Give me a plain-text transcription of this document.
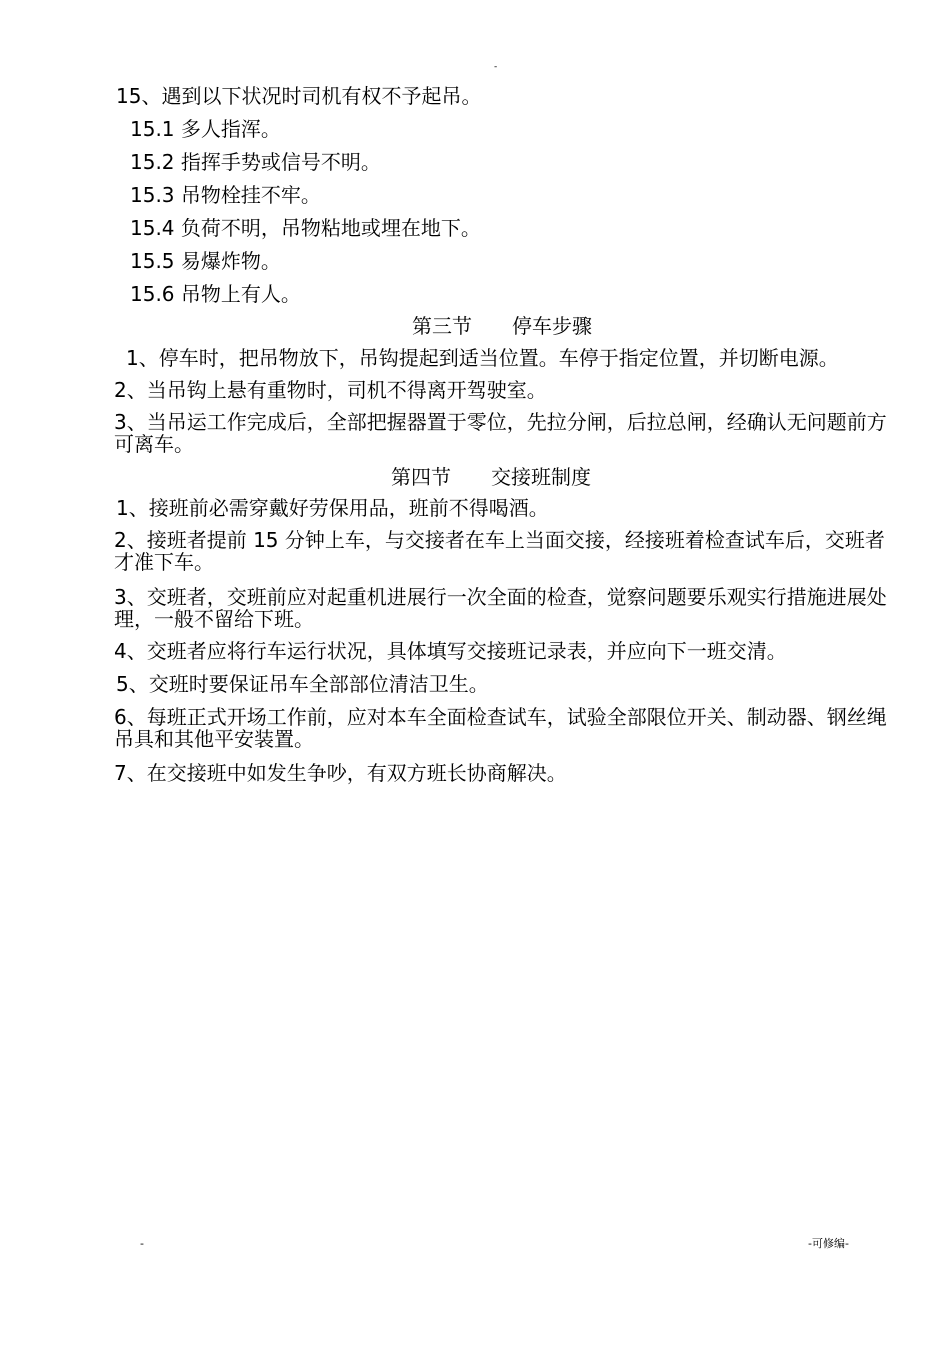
-
15、遇到以下状况时司机有权不予起吊。
15.1 多人指浑。
15.2 指挥手势或信号不明。
15.3 吊物栓挂不牢。
15.4 负荷不明，吊物粘地或埋在地下。
15.5 易爆炸物。
15.6 吊物上有人。
第三节　　停车步骤
1、停车时，把吊物放下，吊钩提起到适当位置。车停于指定位置，并切断电源。
2、当吊钩上悬有重物时，司机不得离开驾驶室。
3、当吊运工作完成后，全部把握器置于零位，先拉分闸，后拉总闸，经确认无问题前方可离车。
第四节　　交接班制度
1、接班前必需穿戴好劳保用品，班前不得喝酒。
2、接班者提前 15 分钟上车，与交接者在车上当面交接，经接班着检查试车后，交班者才准下车。
3、交班者，交班前应对起重机进展行一次全面的检查，觉察问题要乐观实行措施进展处理，一般不留给下班。
4、交班者应将行车运行状况，具体填写交接班记录表，并应向下一班交清。
5、交班时要保证吊车全部部位清洁卫生。
6、每班正式开场工作前，应对本车全面检查试车，试验全部限位开关、制动器、钢丝绳吊具和其他平安装置。
7、在交接班中如发生争吵，有双方班长协商解决。
-	-可修编-
